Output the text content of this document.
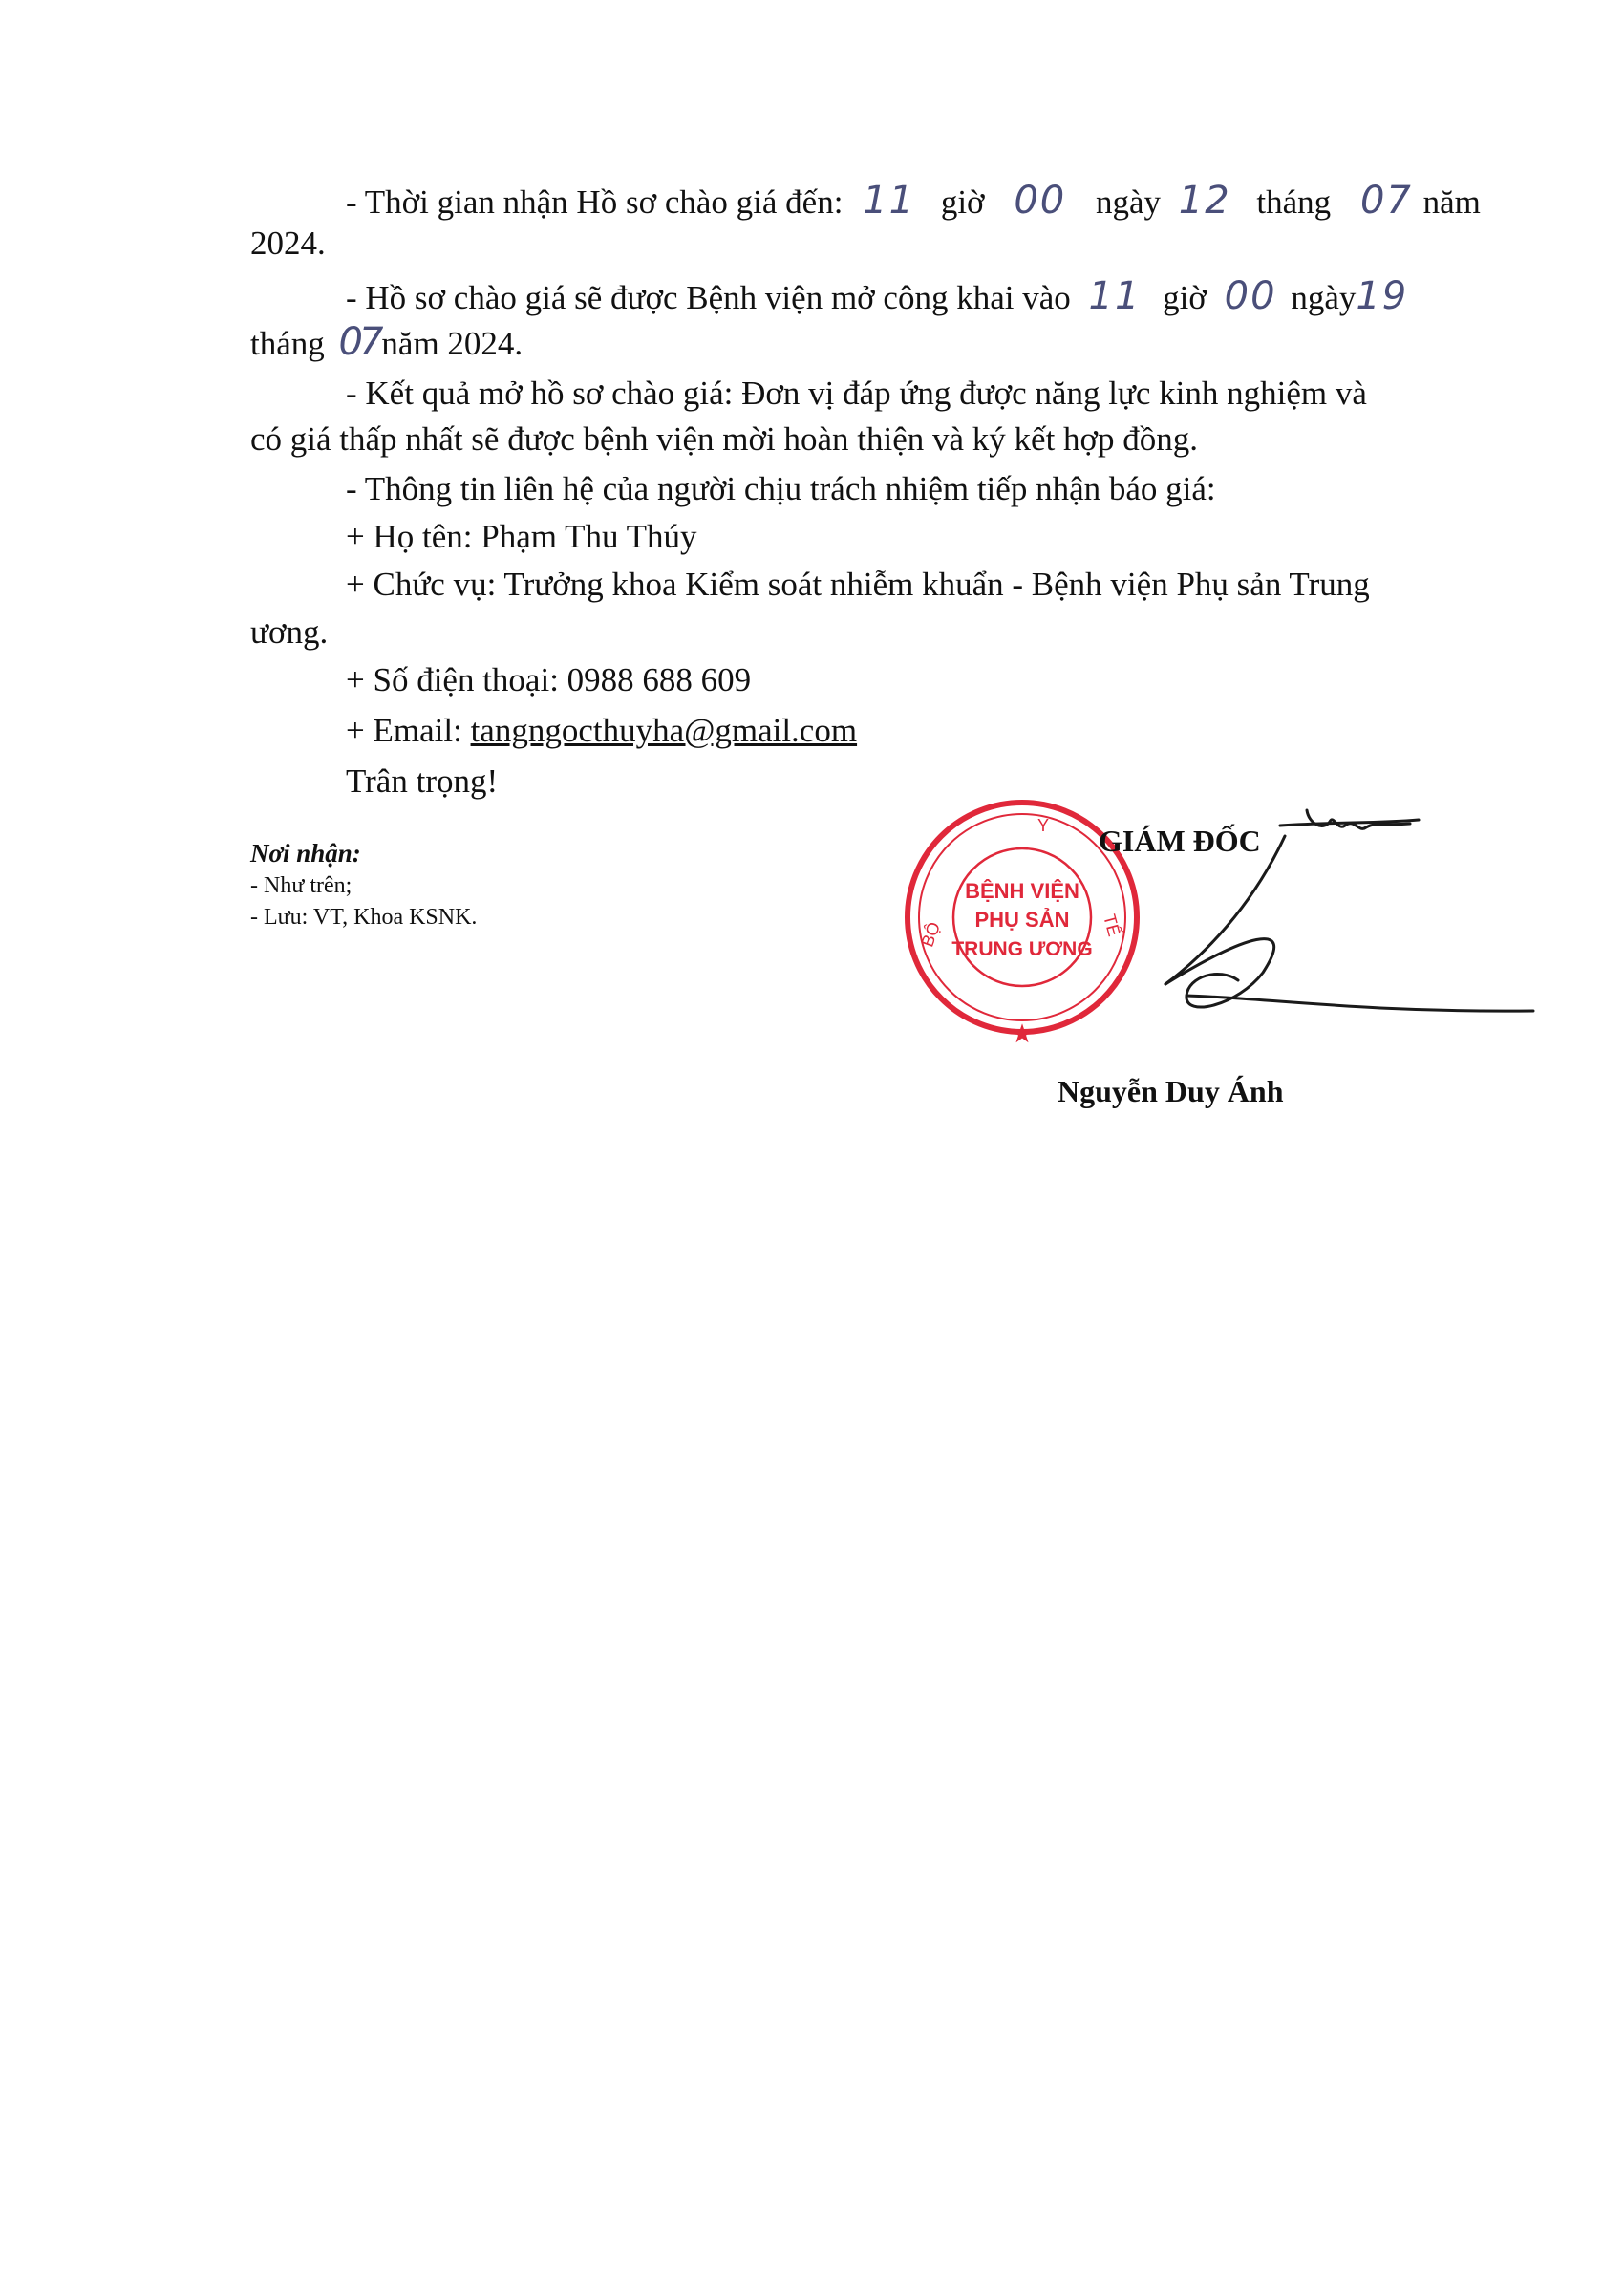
- Thời gian nhận Hồ sơ chào giá đến: 11 giờ 00 ngày 12 tháng 07 năm
2024.
- Hồ sơ chào giá sẽ được Bệnh viện mở công khai vào 11 giờ 00 ngày19
tháng 07năm 2024.
- Kết quả mở hồ sơ chào giá: Đơn vị đáp ứng được năng lực kinh nghiệm và
có giá thấp nhất sẽ được bệnh viện mời hoàn thiện và ký kết hợp đồng.
- Thông tin liên hệ của người chịu trách nhiệm tiếp nhận báo giá:
+ Họ tên: Phạm Thu Thúy
+ Chức vụ: Trưởng khoa Kiểm soát nhiễm khuẩn - Bệnh viện Phụ sản Trung
ương.
+ Số điện thoại: 0988 688 609
+ Email: tangngocthuyha@gmail.com
Trân trọng!
Nơi nhận:
- Như trên;
- Lưu: VT, Khoa KSNK.
BỆNH VIỆN
PHỤ SẢN
TRUNG ƯƠNG
Y
BỘ	TẾ
★
GIÁM ĐỐC
Nguyễn Duy Ánh
